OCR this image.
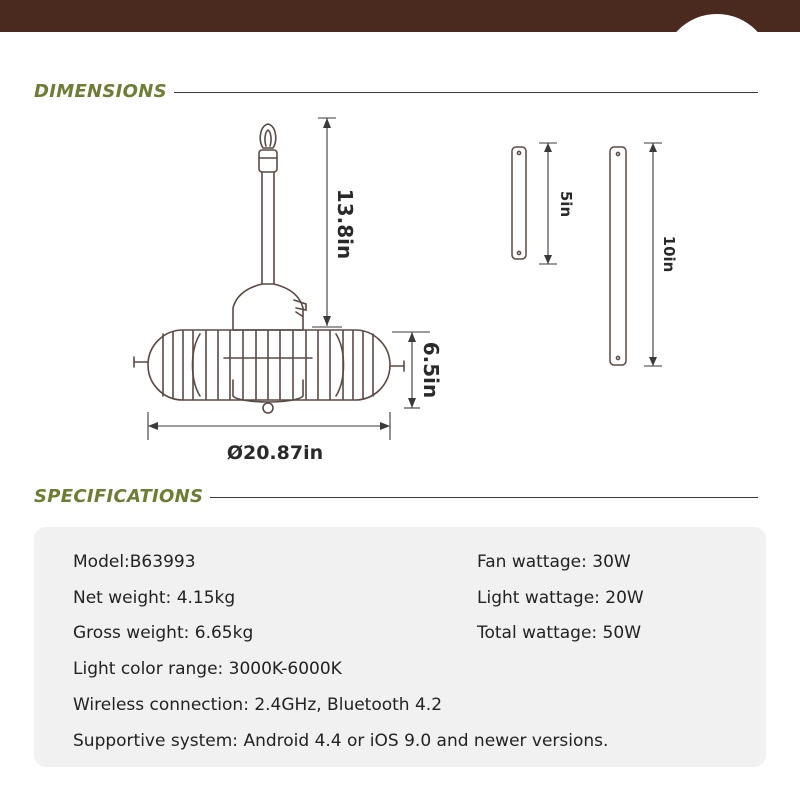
DIMENSIONS
13.8in
6.5in
Ø20.87in
5in
10in
SPECIFICATIONS
Model:B63993
Net weight: 4.15kg
Gross weight: 6.65kg
Light color range: 3000K-6000K
Wireless connection: 2.4GHz, Bluetooth 4.2
Supportive system: Android 4.4 or iOS 9.0 and newer versions.
Fan wattage: 30W
Light wattage: 20W
Total wattage: 50W
